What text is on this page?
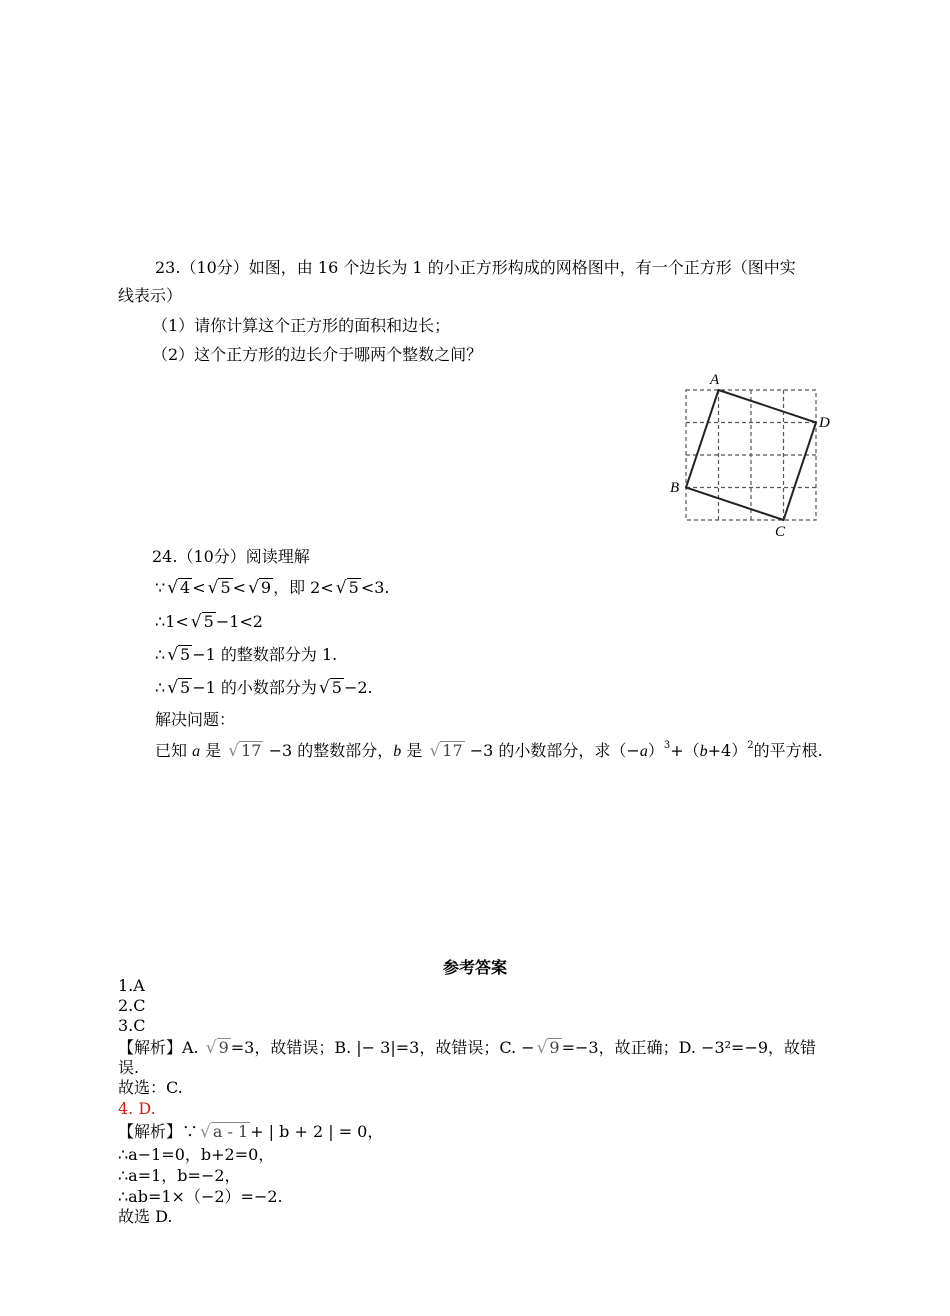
23.（10分）如图，由 16 个边长为 1 的小正方形构成的网格图中，有一个正方形（图中实
线表示）
（1）请你计算这个正方形的面积和边长；
（2）这个正方形的边长介于哪两个整数之间？
A
D
B
C
24.（10分）阅读理解
∵ √ 4 < √ 5 < √ 9 ，即 2< √ 5 <3.
∴1< √ 5 −1<2
∴ √ 5 −1 的整数部分为 1.
∴ √ 5 −1 的小数部分为 √ 5 −2.
解决问题：
已知 a 是 √ 17 −3 的整数部分，b 是 √ 17 −3 的小数部分，求$(-a)^3+(b+4)^2$的平方根.
参考答案
1.A
2.C
3.C
【解析】A. √ 9 =3，故错误；B. |− 3|=3，故错误；C. − √ 9 =−3，故正确；D. −3²=−9，故错
误.
故选：C.
4. D.
【解析】∵ √ a - 1 + | b + 2 | = 0，
∴a−1=0，b+2=0，
∴a=1，b=−2，
∴ab=1×（−2）=−2.
故选 D.
